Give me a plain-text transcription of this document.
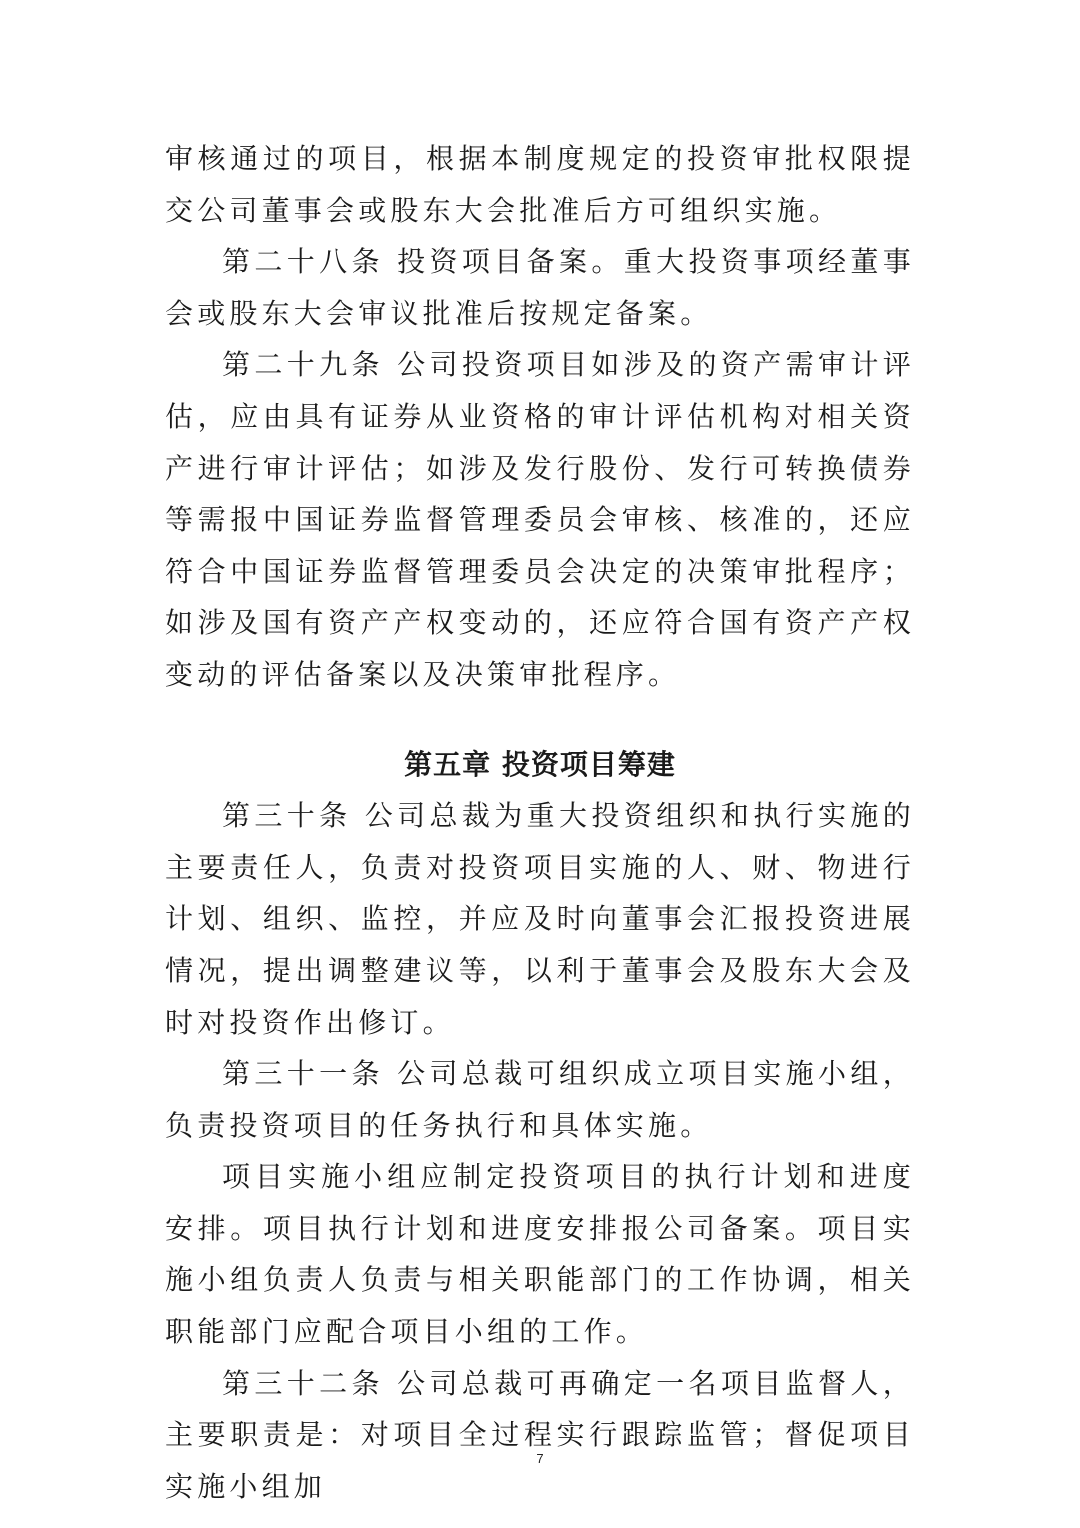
审核通过的项目，根据本制度规定的投资审批权限提交公司董事会或股东大会批准后方可组织实施。

第二十八条 投资项目备案。重大投资事项经董事会或股东大会审议批准后按规定备案。

第二十九条 公司投资项目如涉及的资产需审计评估，应由具有证券从业资格的审计评估机构对相关资产进行审计评估；如涉及发行股份、发行可转换债券等需报中国证券监督管理委员会审核、核准的，还应符合中国证券监督管理委员会决定的决策审批程序；如涉及国有资产产权变动的，还应符合国有资产产权变动的评估备案以及决策审批程序。

第五章 投资项目筹建

第三十条 公司总裁为重大投资组织和执行实施的主要责任人，负责对投资项目实施的人、财、物进行计划、组织、监控，并应及时向董事会汇报投资进展情况，提出调整建议等，以利于董事会及股东大会及时对投资作出修订。

第三十一条 公司总裁可组织成立项目实施小组，负责投资项目的任务执行和具体实施。

项目实施小组应制定投资项目的执行计划和进度安排。项目执行计划和进度安排报公司备案。项目实施小组负责人负责与相关职能部门的工作协调，相关职能部门应配合项目小组的工作。

第三十二条 公司总裁可再确定一名项目监督人，主要职责是：对项目全过程实行跟踪监管；督促项目实施小组加

7
